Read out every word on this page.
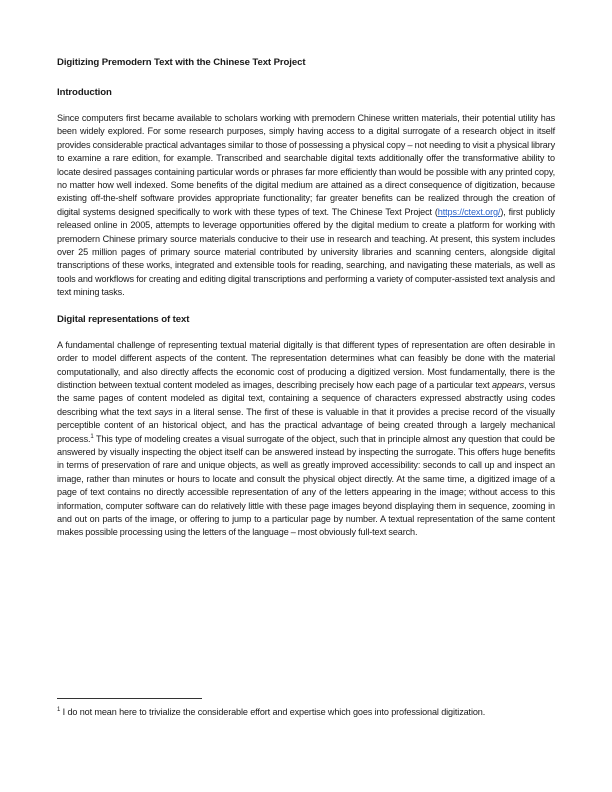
Digitizing Premodern Text with the Chinese Text Project
Introduction

Since computers first became available to scholars working with premodern Chinese written materials, their potential utility has been widely explored. For some research purposes, simply having access to a digital surrogate of a research object in itself provides considerable practical advantages similar to those of possessing a physical copy – not needing to visit a physical library to examine a rare edition, for example. Transcribed and searchable digital texts additionally offer the transformative ability to locate desired passages containing particular words or phrases far more efficiently than would be possible with any printed copy, no matter how well indexed. Some benefits of the digital medium are attained as a direct consequence of digitization, because existing off-the-shelf software provides appropriate functionality; far greater benefits can be realized through the creation of digital systems designed specifically to work with these types of text. The Chinese Text Project (https://ctext.org/), first publicly released online in 2005, attempts to leverage opportunities offered by the digital medium to create a platform for working with premodern Chinese primary source materials conducive to their use in research and teaching. At present, this system includes over 25 million pages of primary source material contributed by university libraries and scanning centers, alongside digital transcriptions of these works, integrated and extensible tools for reading, searching, and navigating these materials, as well as tools and workflows for creating and editing digital transcriptions and performing a variety of computer-assisted text analysis and text mining tasks.

Digital representations of text

A fundamental challenge of representing textual material digitally is that different types of representation are often desirable in order to model different aspects of the content. The representation determines what can feasibly be done with the material computationally, and also directly affects the economic cost of producing a digitized version. Most fundamentally, there is the distinction between textual content modeled as images, describing precisely how each page of a particular text appears, versus the same pages of content modeled as digital text, containing a sequence of characters expressed abstractly using codes describing what the text says in a literal sense. The first of these is valuable in that it provides a precise record of the visually perceptible content of an historical object, and has the practical advantage of being created through a largely mechanical process.$^1$ This type of modeling creates a visual surrogate of the object, such that in principle almost any question that could be answered by visually inspecting the object itself can be answered instead by inspecting the surrogate. This offers huge benefits in terms of preservation of rare and unique objects, as well as greatly improved accessibility: seconds to call up and inspect an image, rather than minutes or hours to locate and consult the physical object directly. At the same time, a digitized image of a page of text contains no directly accessible representation of any of the letters appearing in the image; without access to this information, computer software can do relatively little with these page images beyond displaying them in sequence, zooming in and out on parts of the image, or offering to jump to a particular page by number. A textual representation of the same content makes possible processing using the letters of the language – most obviously full-text search.

$^1$ I do not mean here to trivialize the considerable effort and expertise which goes into professional digitization.
